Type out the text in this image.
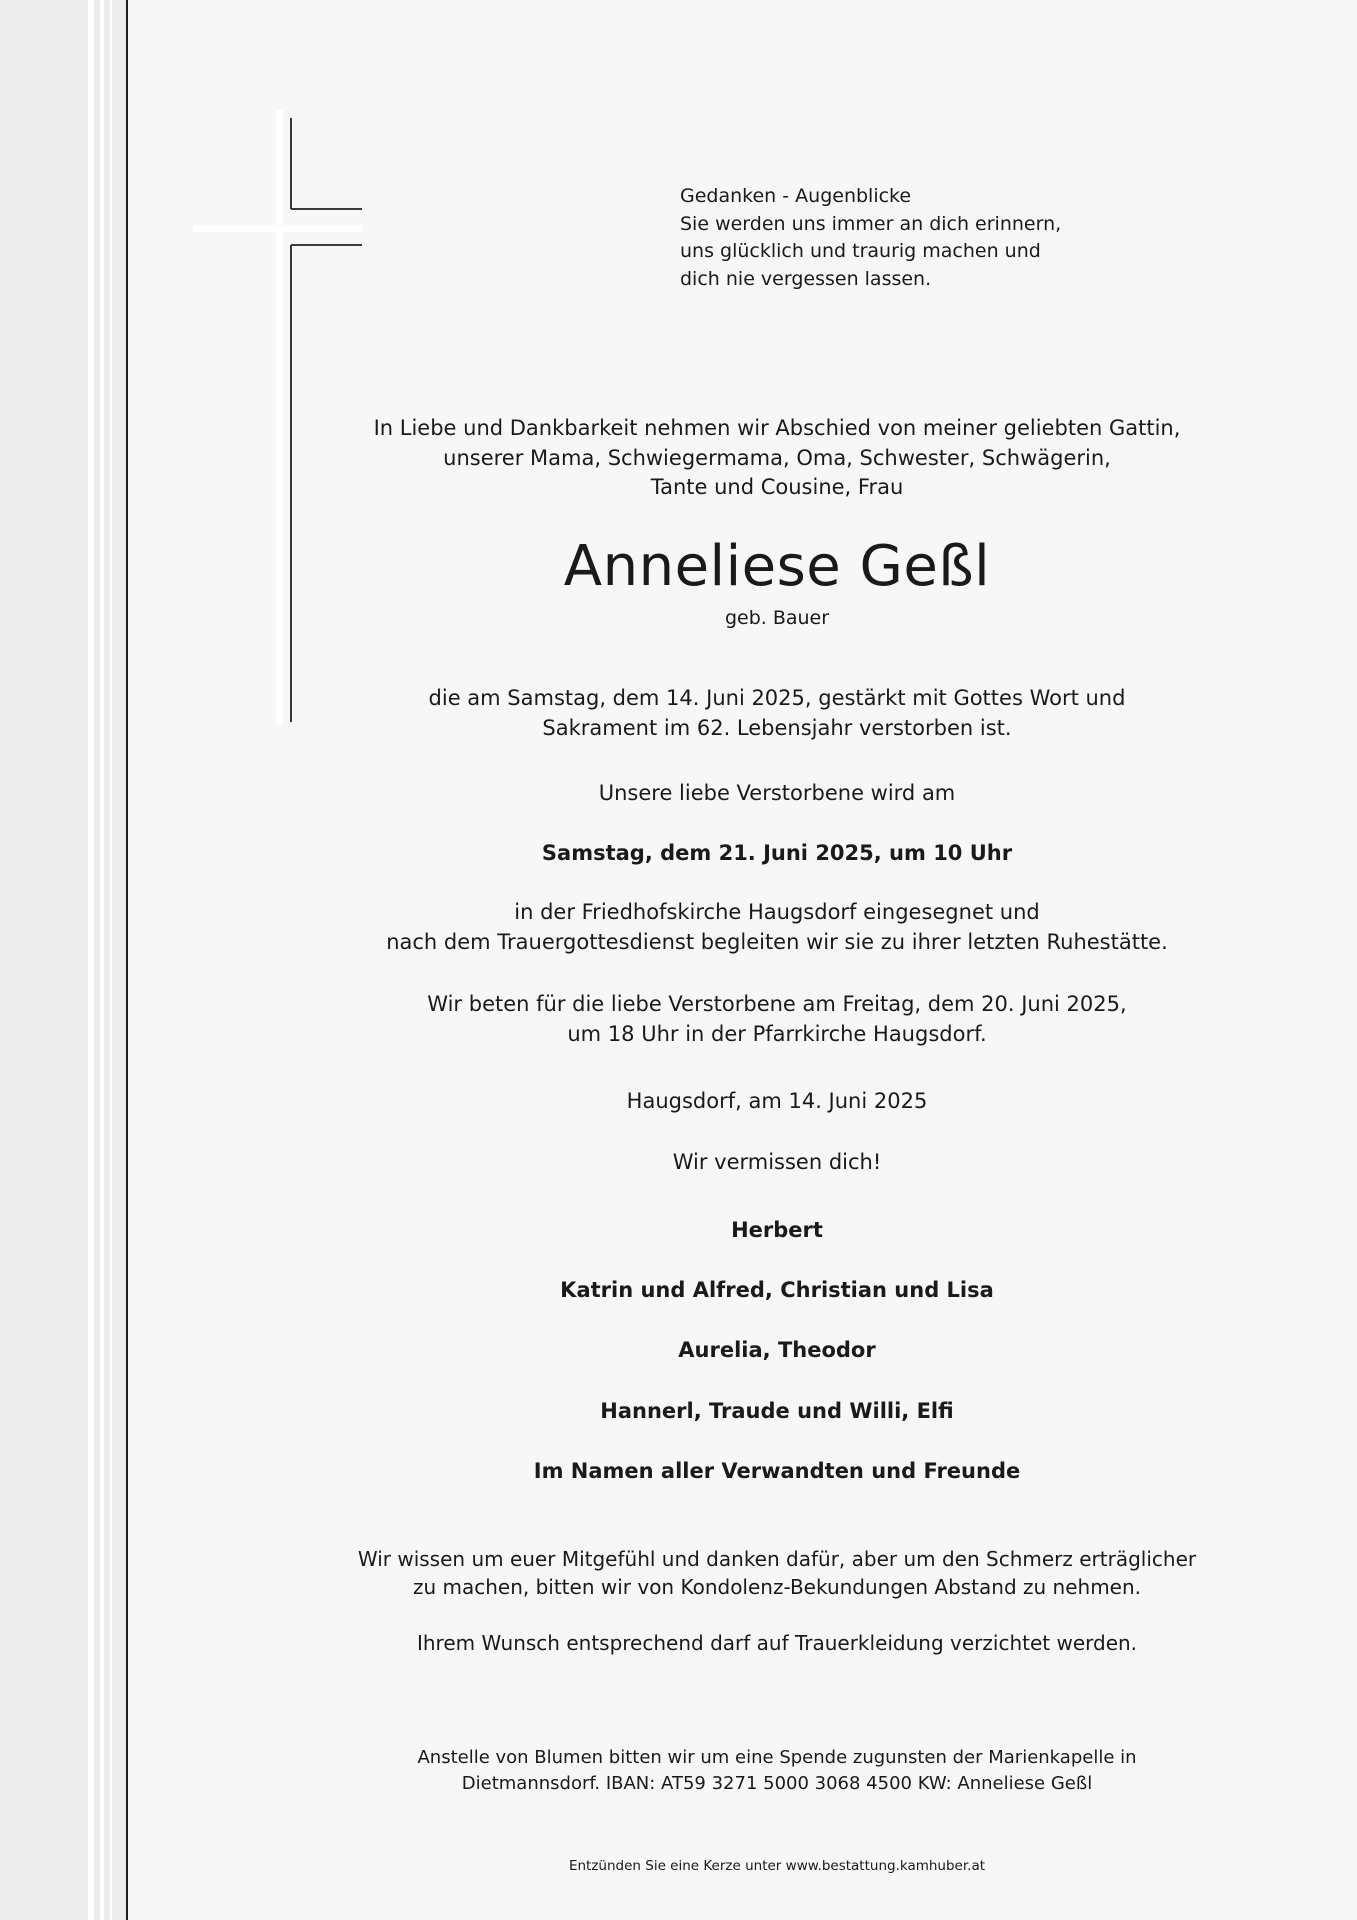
Gedanken - Augenblicke
Sie werden uns immer an dich erinnern,
uns glücklich und traurig machen und
dich nie vergessen lassen.
In Liebe und Dankbarkeit nehmen wir Abschied von meiner geliebten Gattin,
unserer Mama, Schwiegermama, Oma, Schwester, Schwägerin,
Tante und Cousine, Frau
Anneliese Geßl
geb. Bauer
die am Samstag, dem 14. Juni 2025, gestärkt mit Gottes Wort und
Sakrament im 62. Lebensjahr verstorben ist.
Unsere liebe Verstorbene wird am
Samstag, dem 21. Juni 2025, um 10 Uhr
in der Friedhofskirche Haugsdorf eingesegnet und
nach dem Trauergottesdienst begleiten wir sie zu ihrer letzten Ruhestätte.
Wir beten für die liebe Verstorbene am Freitag, dem 20. Juni 2025,
um 18 Uhr in der Pfarrkirche Haugsdorf.
Haugsdorf, am 14. Juni 2025
Wir vermissen dich!
Herbert
Katrin und Alfred, Christian und Lisa
Aurelia, Theodor
Hannerl, Traude und Willi, Elfi
Im Namen aller Verwandten und Freunde
Wir wissen um euer Mitgefühl und danken dafür, aber um den Schmerz erträglicher
zu machen, bitten wir von Kondolenz-Bekundungen Abstand zu nehmen.
Ihrem Wunsch entsprechend darf auf Trauerkleidung verzichtet werden.
Anstelle von Blumen bitten wir um eine Spende zugunsten der Marienkapelle in
Dietmannsdorf. IBAN: AT59 3271 5000 3068 4500 KW: Anneliese Geßl
Entzünden Sie eine Kerze unter www.bestattung.kamhuber.at
